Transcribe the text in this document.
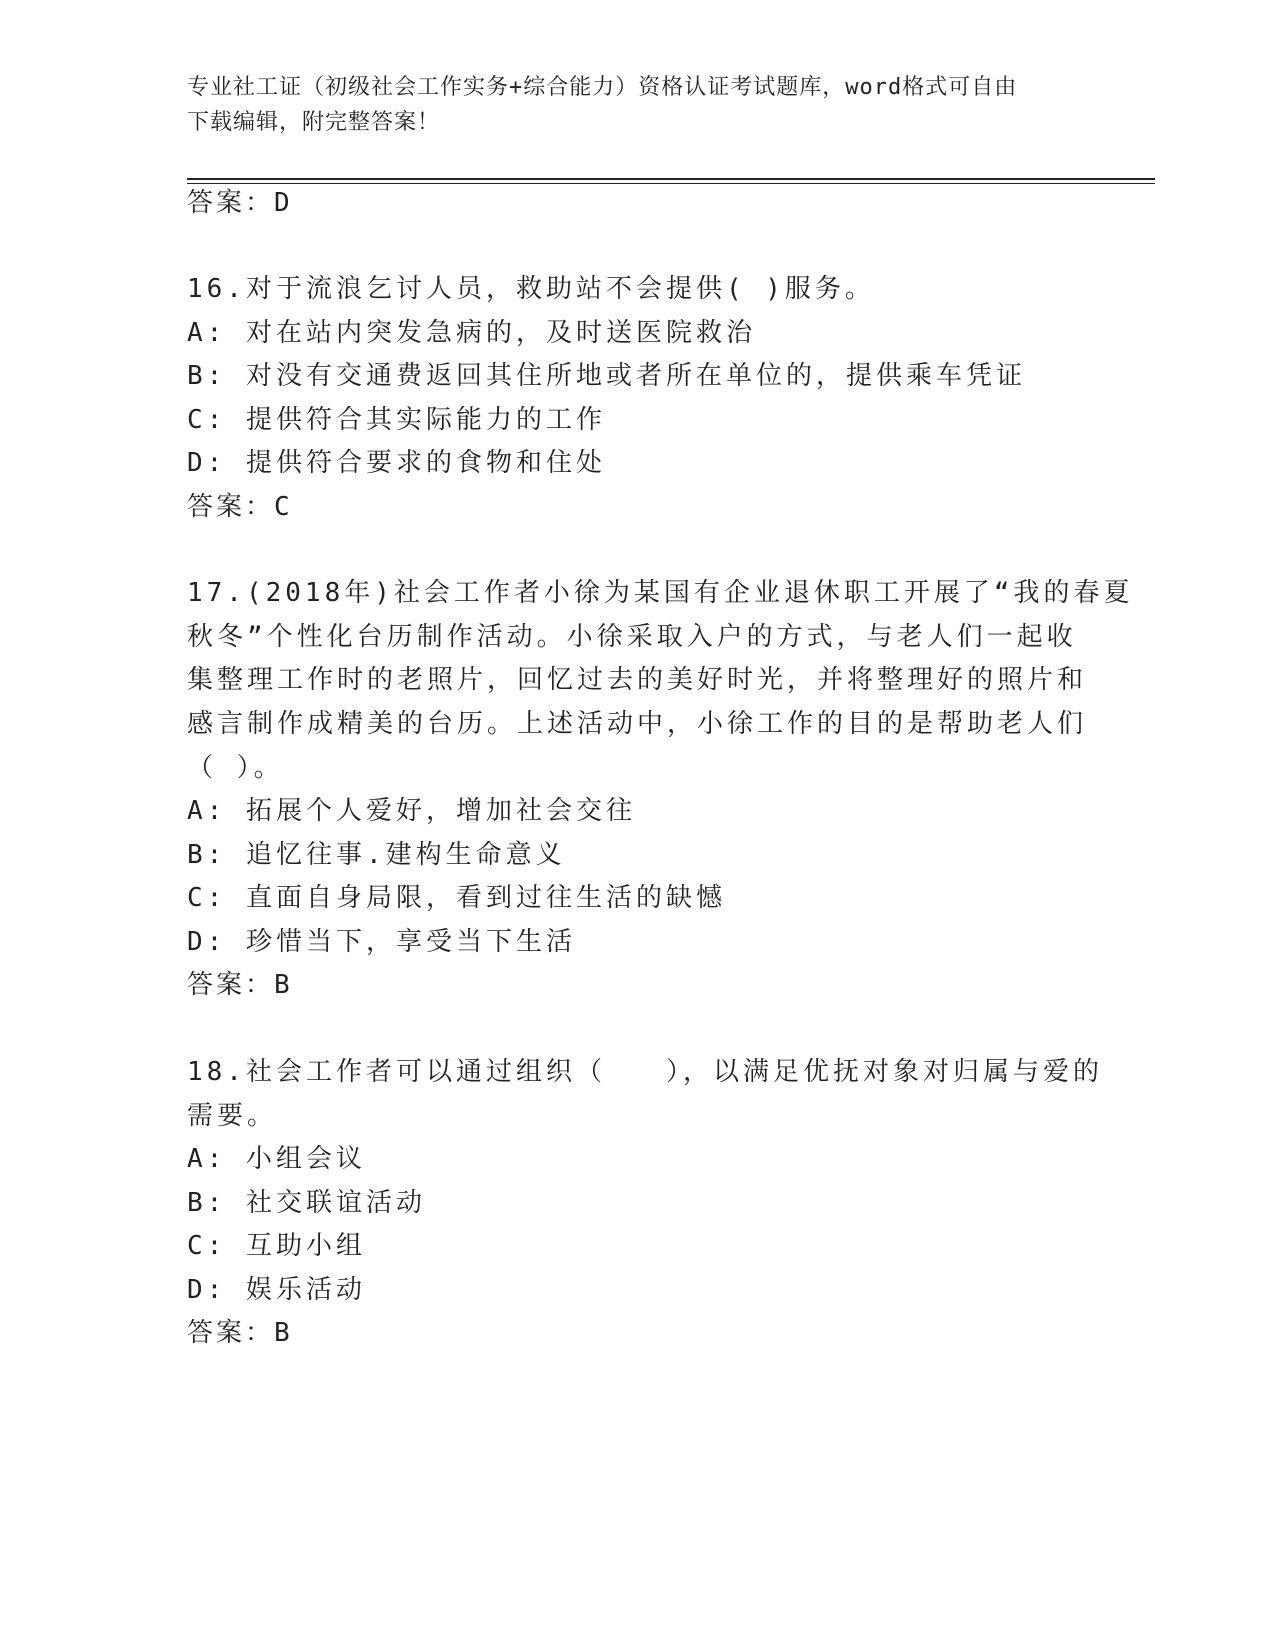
专业社工证（初级社会工作实务+综合能力）资格认证考试题库，word格式可自由
下载编辑，附完整答案！
答案：D
16.对于流浪乞讨人员，救助站不会提供( )服务。
A: 对在站内突发急病的，及时送医院救治
B: 对没有交通费返回其住所地或者所在单位的，提供乘车凭证
C: 提供符合其实际能力的工作
D: 提供符合要求的食物和住处
答案：C
17.(2018年)社会工作者小徐为某国有企业退休职工开展了“我的春夏
秋冬”个性化台历制作活动。小徐采取入户的方式，与老人们一起收
集整理工作时的老照片，回忆过去的美好时光，并将整理好的照片和
感言制作成精美的台历。上述活动中，小徐工作的目的是帮助老人们
（ ）。
A: 拓展个人爱好，增加社会交往
B: 追忆往事.建构生命意义
C: 直面自身局限，看到过往生活的缺憾
D: 珍惜当下，享受当下生活
答案：B
18.社会工作者可以通过组织（　　），以满足优抚对象对归属与爱的
需要。
A: 小组会议
B: 社交联谊活动
C: 互助小组
D: 娱乐活动
答案：B
